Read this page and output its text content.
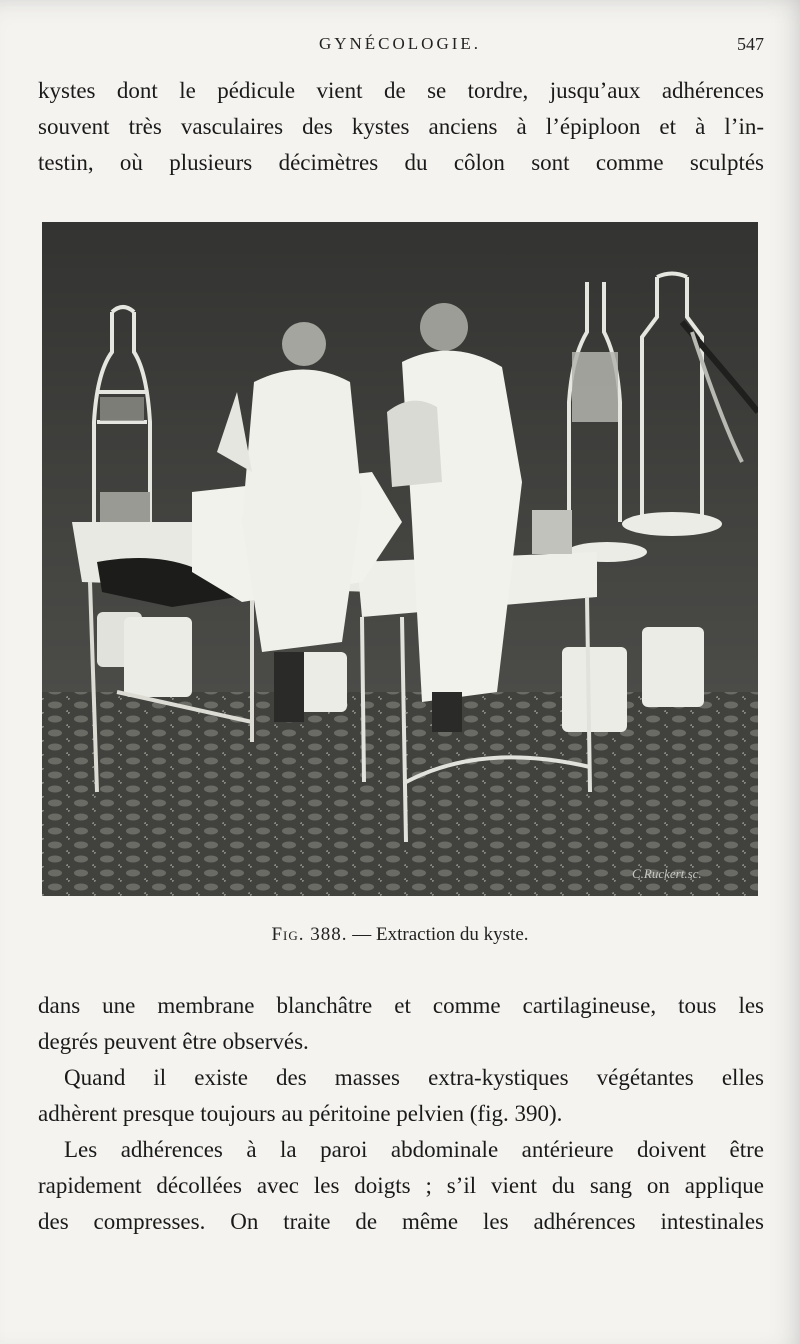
GYNÉCOLOGIE.	547
kystes dont le pédicule vient de se tordre, jusqu’aux adhérences
souvent très vasculaires des kystes anciens à l’épiploon et à l’in-
testin, où plusieurs décimètres du côlon sont comme sculptés
C.Ruckert.sc.
Fig. 388. — Extraction du kyste.
dans une membrane blanchâtre et comme cartilagineuse, tous les
degrés peuvent être observés.
Quand il existe des masses extra-kystiques végétantes elles
adhèrent presque toujours au péritoine pelvien (fig. 390).
Les adhérences à la paroi abdominale antérieure doivent être
rapidement décollées avec les doigts ; s’il vient du sang on applique
des compresses. On traite de même les adhérences intestinales
